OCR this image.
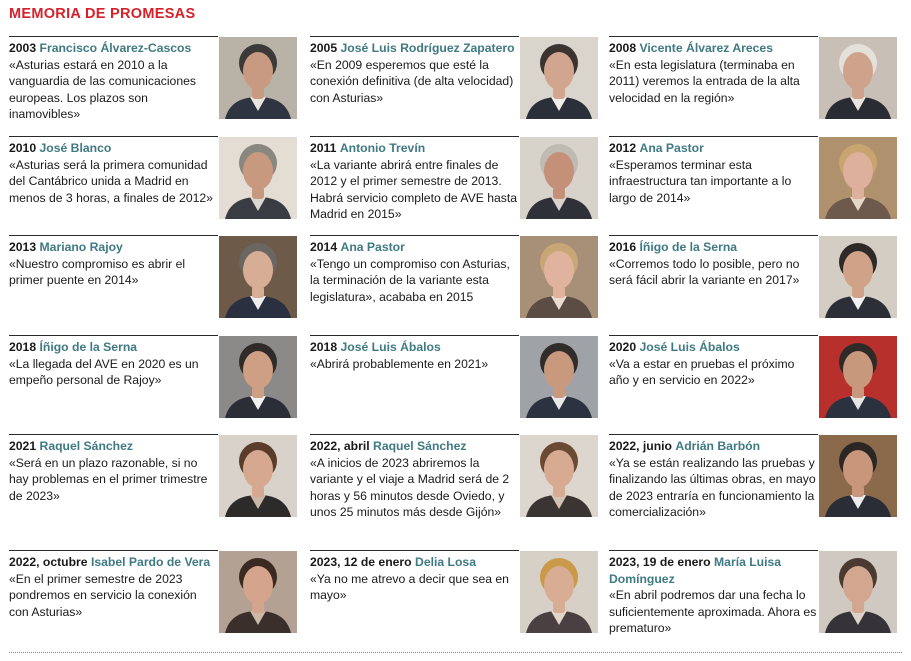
MEMORIA DE PROMESAS
2003 Francisco Álvarez-Cascos
«Asturias estará en 2010 a la vanguardia de las comunicaciones europeas. Los plazos son inamovibles»
2005 José Luis Rodríguez Zapatero
«En 2009 esperemos que esté la conexión definitiva (de alta velocidad) con Asturias»
2008 Vicente Álvarez Areces
«En esta legislatura (terminaba en 2011) veremos la entrada de la alta velocidad en la región»
2010 José Blanco
«Asturias será la primera comunidad del Cantábrico unida a Madrid en menos de 3 horas, a finales de 2012»
2011 Antonio Trevín
«La variante abrirá entre finales de 2012 y el primer semestre de 2013. Habrá servicio completo de AVE hasta Madrid en 2015»
2012 Ana Pastor
«Esperamos terminar esta infraestructura tan importante a lo largo de 2014»
2013 Mariano Rajoy
«Nuestro compromiso es abrir el primer puente en 2014»
2014 Ana Pastor
«Tengo un compromiso con Asturias, la terminación de la variante esta legislatura», acababa en 2015
2016 Íñigo de la Serna
«Corremos todo lo posible, pero no será fácil abrir la variante en 2017»
2018 Íñigo de la Serna
«La llegada del AVE en 2020 es un empeño personal de Rajoy»
2018 José Luis Ábalos
«Abrirá probablemente en 2021»
2020 José Luis Ábalos
«Va a estar en pruebas el próximo año y en servicio en 2022»
2021 Raquel Sánchez
«Será en un plazo razonable, si no hay problemas en el primer trimestre de 2023»
2022, abril Raquel Sánchez
«A inicios de 2023 abriremos la variante y el viaje a Madrid será de 2 horas y 56 minutos desde Oviedo, y unos 25 minutos más desde Gijón»
2022, junio Adrián Barbón
«Ya se están realizando las pruebas y finalizando las últimas obras, en mayo de 2023 entraría en funcionamiento la comercialización»
2022, octubre Isabel Pardo de Vera
«En el primer semestre de 2023 pondremos en servicio la conexión con Asturias»
2023, 12 de enero Delia Losa
«Ya no me atrevo a decir que sea en mayo»
2023, 19 de enero María Luisa Domínguez
«En abril podremos dar una fecha lo suficientemente aproximada. Ahora es prematuro»
